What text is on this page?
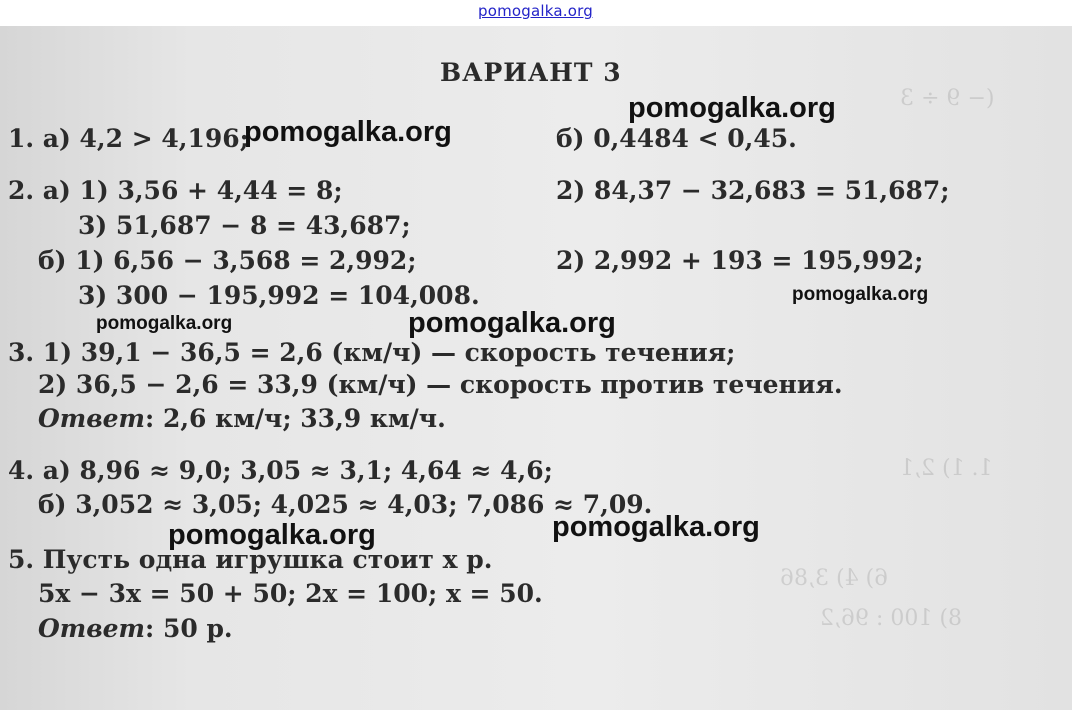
pomogalka.org
(− 9 ÷ 3
1. 1) 2,1
6) 4) 3,86
8) 100 : 96,2
ВАРИАНТ 3
1. а) 4,2 > 4,196;	б) 0,4484 < 0,45.
2. а) 1) 3,56 + 4,44 = 8;	2) 84,37 − 32,683 = 51,687;
3) 51,687 − 8 = 43,687;
б) 1) 6,56 − 3,568 = 2,992;	2) 2,992 + 193 = 195,992;
3) 300 − 195,992 = 104,008.
3. 1) 39,1 − 36,5 = 2,6 (км/ч) — скорость течения;
2) 36,5 − 2,6 = 33,9 (км/ч) — скорость против течения.
Ответ: 2,6 км/ч; 33,9 км/ч.
4. а) 8,96 ≈ 9,0; 3,05 ≈ 3,1; 4,64 ≈ 4,6;
б) 3,052 ≈ 3,05; 4,025 ≈ 4,03; 7,086 ≈ 7,09.
5. Пусть одна игрушка стоит x р.
5x − 3x = 50 + 50; 2x = 100; x = 50.
Ответ: 50 р.
pomogalka.org
pomogalka.org
pomogalka.org
pomogalka.org	pomogalka.org
pomogalka.org
pomogalka.org
